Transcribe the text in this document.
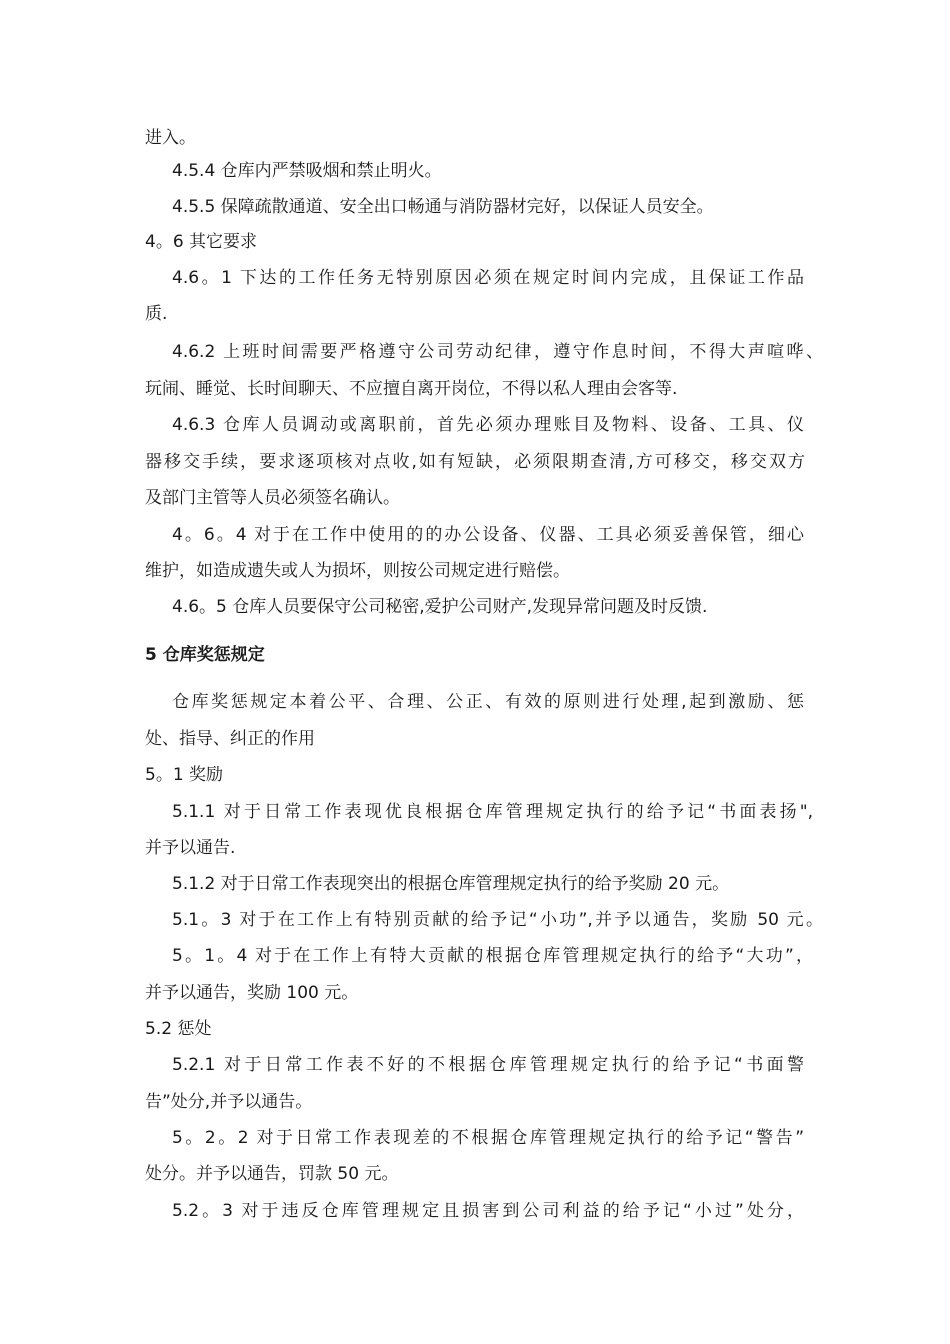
进入。
4.5.4 仓库内严禁吸烟和禁止明火。
4.5.5 保障疏散通道、安全出口畅通与消防器材完好，以保证人员安全。
4。6 其它要求
4.6。1 下达的工作任务无特别原因必须在规定时间内完成，且保证工作品
质.
4.6.2 上班时间需要严格遵守公司劳动纪律，遵守作息时间，不得大声喧哗、
玩闹、睡觉、长时间聊天、不应擅自离开岗位，不得以私人理由会客等.
4.6.3 仓库人员调动或离职前，首先必须办理账目及物料、设备、工具、仪
器移交手续，要求逐项核对点收,如有短缺，必须限期查清,方可移交，移交双方
及部门主管等人员必须签名确认。
4。6。4 对于在工作中使用的的办公设备、仪器、工具必须妥善保管，细心
维护，如造成遗失或人为损坏，则按公司规定进行赔偿。
4.6。5 仓库人员要保守公司秘密,爱护公司财产,发现异常问题及时反馈.
5 仓库奖惩规定
仓库奖惩规定本着公平、合理、公正、有效的原则进行处理,起到激励、惩
处、指导、纠正的作用
5。1 奖励
5.1.1 对于日常工作表现优良根据仓库管理规定执行的给予记“书面表扬",
并予以通告.
5.1.2 对于日常工作表现突出的根据仓库管理规定执行的给予奖励 20 元。
5.1。3 对于在工作上有特别贡献的给予记“小功”,并予以通告，奖励 50 元。
5。1。4 对于在工作上有特大贡献的根据仓库管理规定执行的给予“大功”，
并予以通告，奖励 100 元。
5.2 惩处
5.2.1 对于日常工作表不好的不根据仓库管理规定执行的给予记“书面警
告”处分,并予以通告。
5。2。2 对于日常工作表现差的不根据仓库管理规定执行的给予记“警告”
处分。并予以通告，罚款 50 元。
5.2。3 对于违反仓库管理规定且损害到公司利益的给予记“小过”处分，
